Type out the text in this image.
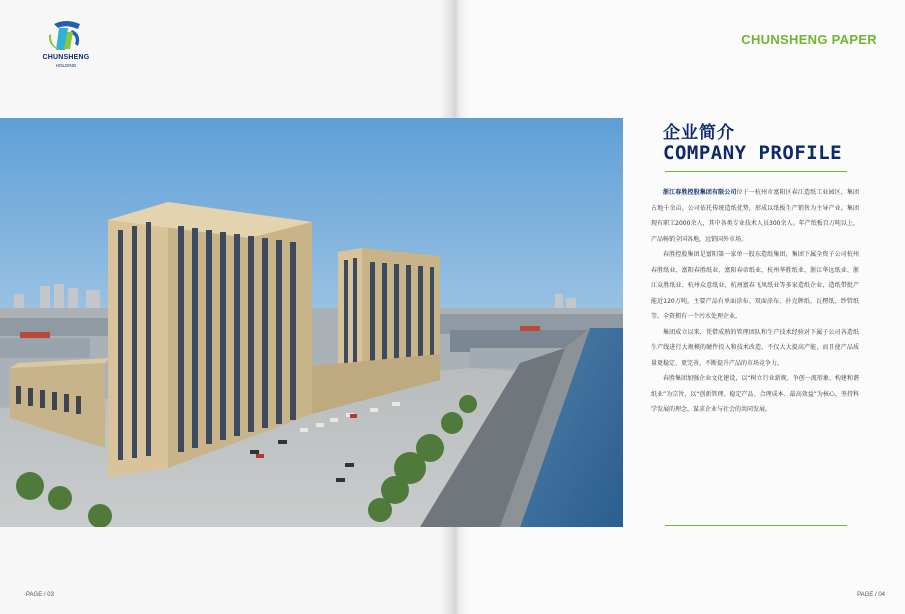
CHUNSHENG
HOLDING
CHUNSHENG PAPER
企业简介
COMPANY PROFILE

浙江春胜控股集团有限公司位于一杭州市富阳区春江造纸工业园区，集团占地千余亩。公司依托传统造纸优势，形成以纸板生产销售为主导产业。集团现有职工2000余人，其中各类专业技术人员300余人。年产纸板百万吨以上，产品畅销全国各地，远销国外市场。

春胜控股集团是富阳第一家单一股东造纸集团，集团下属全资子公司杭州春胜纸业、富阳春胜纸业、富阳春帝纸业、杭州华胜纸业、浙江华远纸业、浙江众胜纸业、杭州众意纸业、杭州富春飞凤纸业等多家造纸企业，造纸带批产能近120万吨。主要产品有单面涂布、双面涂布、扑克牌纸、瓦楞纸、纱管纸等。全资拥有一个污水处理企业。

集团成立以来，凭借成熟的管理团队和生产技术经验对下属子公司各造纸生产线进行大规模的硬件投入和技术改造，不仅大大提高产能，而且使产品质量更稳定、更完善，不断提升产品的市场竞争力。

春胜集团加强企业文化建设，以“树立行业新规、争创一流形象、构建和谐纸业”为宗旨，以“创新管理、稳定产品、合理成本、最高效益”为核心，坚持科学发展的理念，谋求企业与社会的共同发展。

PAGE / 03	PAGE / 04
